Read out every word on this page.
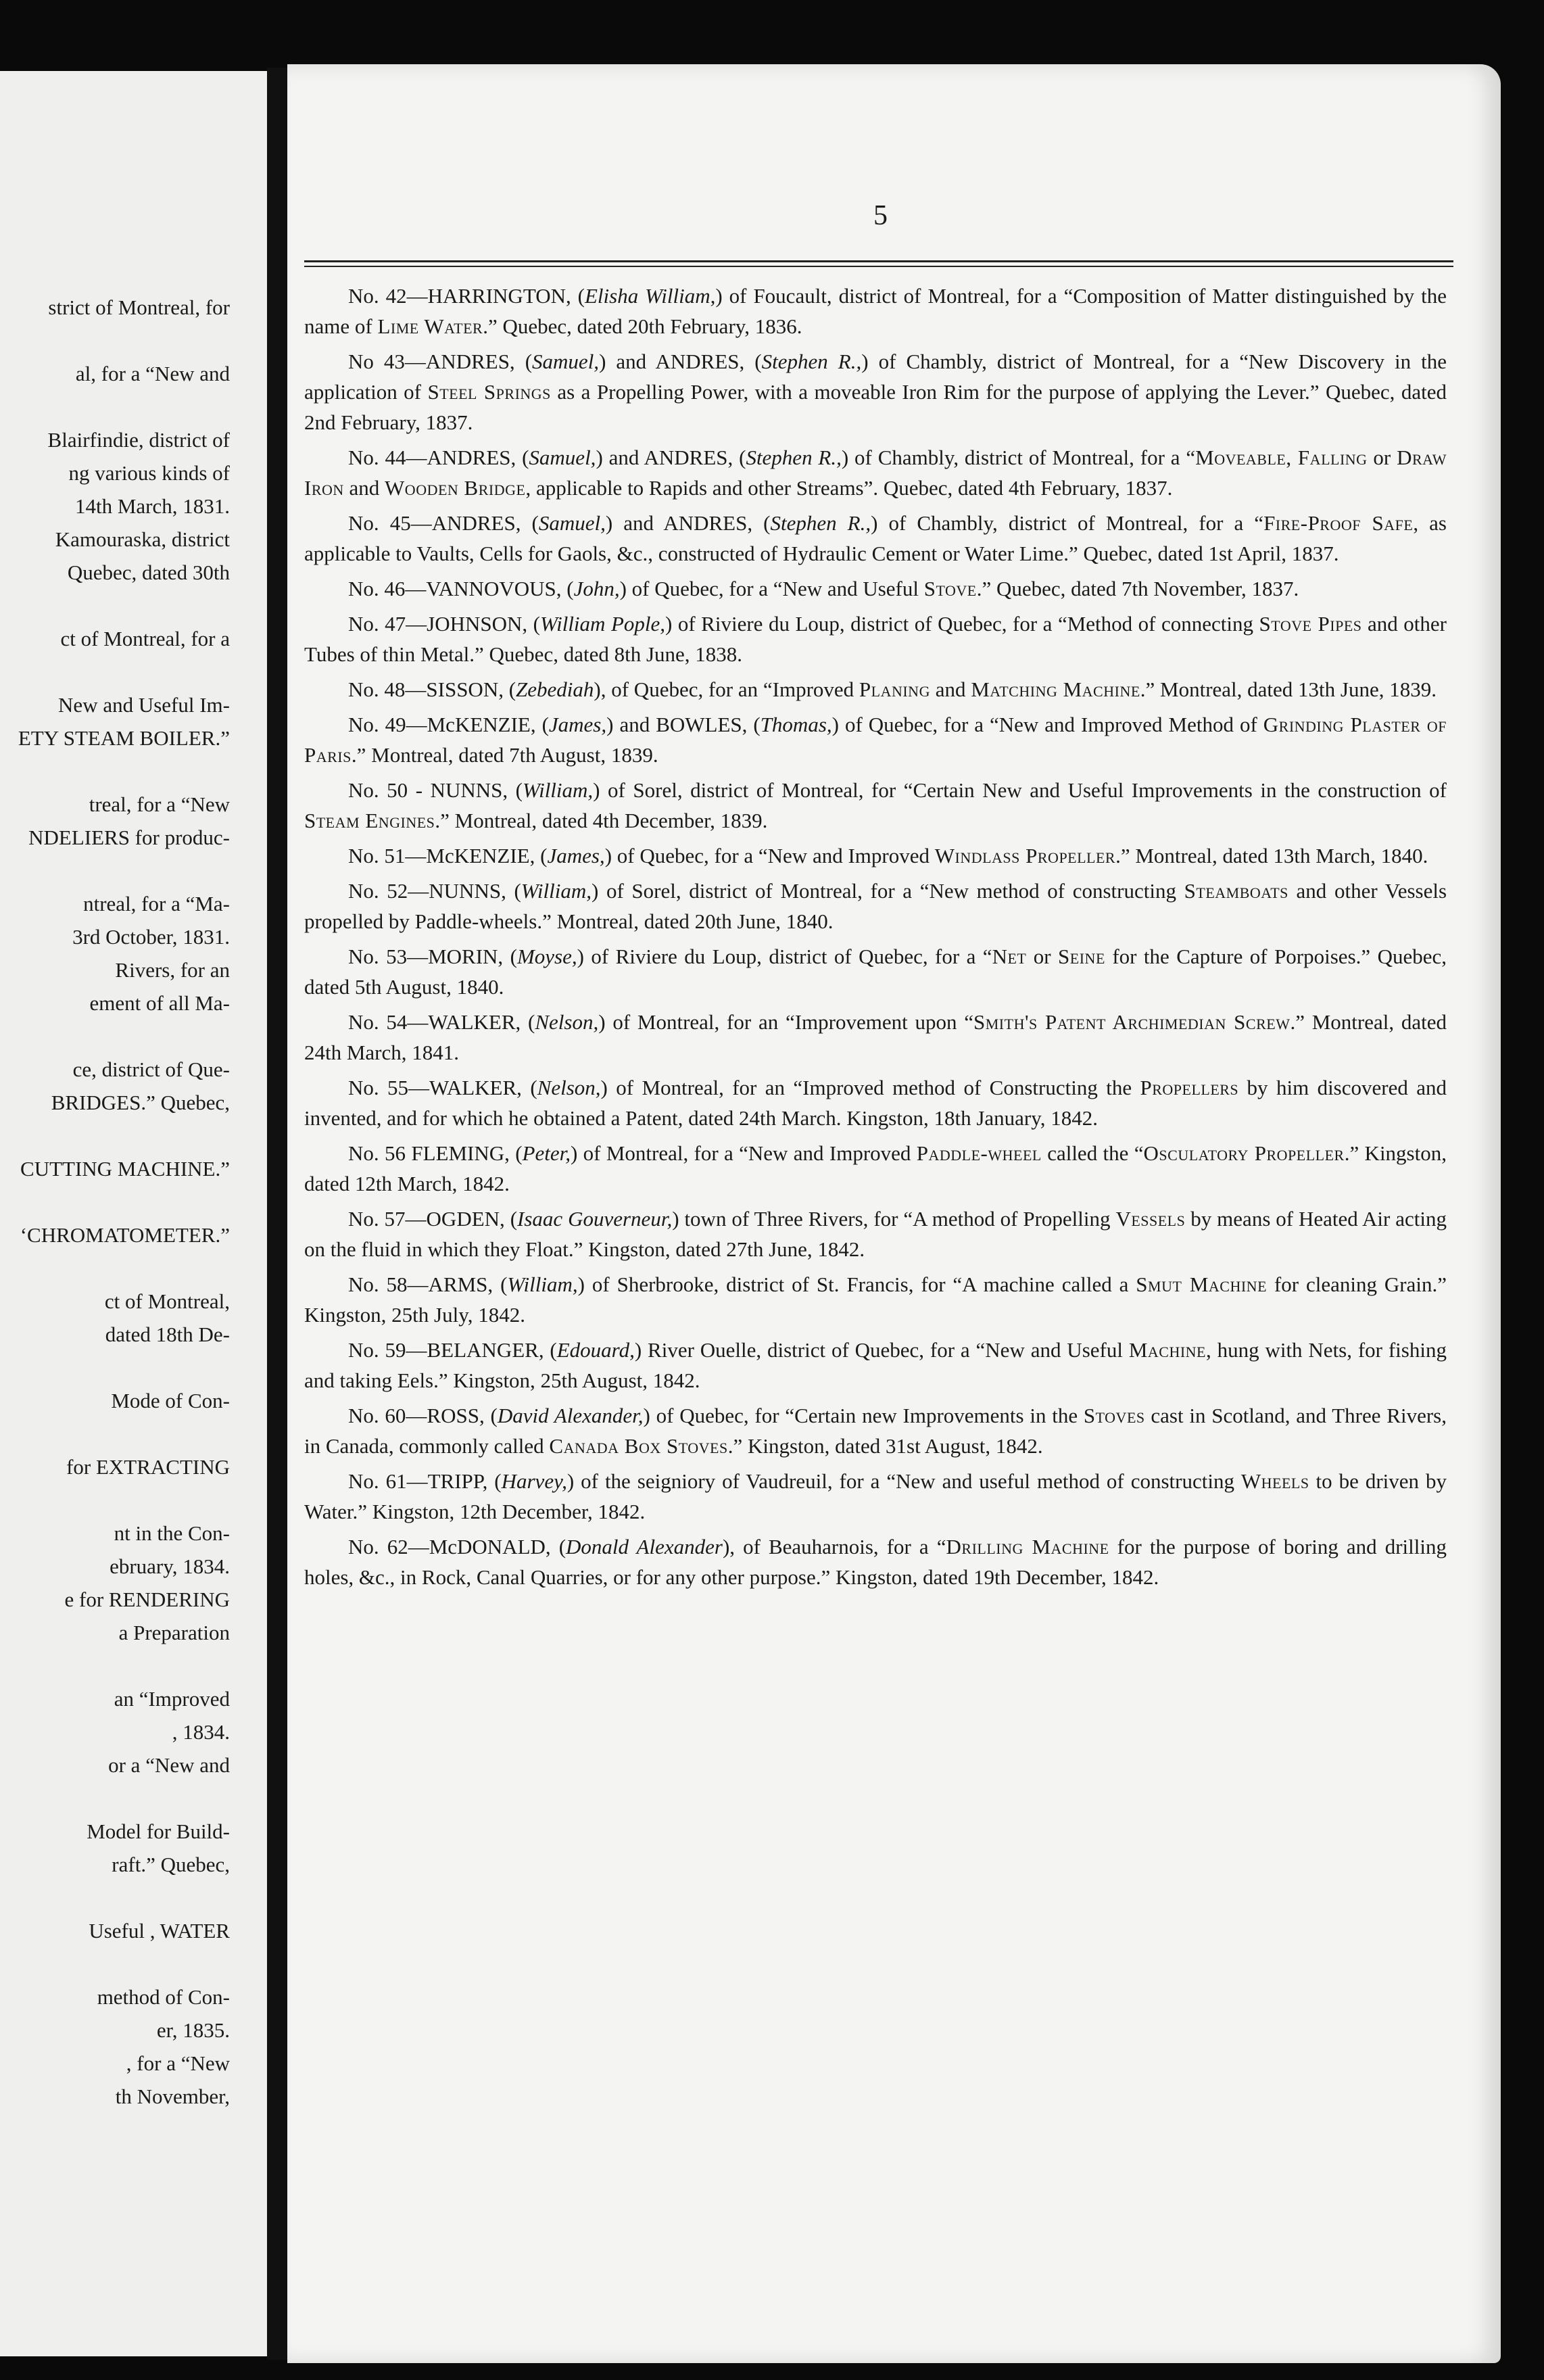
strict of Montreal, for
al, for a “New and
Blairfindie, district of
ng various kinds of
14th March, 1831.
Kamouraska, district
Quebec, dated 30th
ct of Montreal, for a
New and Useful Im-
ETY STEAM BOILER.”
treal, for a “New
NDELIERS for produc-
ntreal, for a “Ma-
3rd October, 1831.
Rivers, for an
ement of all Ma-
ce, district of Que-
BRIDGES.” Quebec,
CUTTING MACHINE.”
‘CHROMATOMETER.”
ct of Montreal,
dated 18th De-
Mode of Con-
for EXTRACTING
nt in the Con-
ebruary, 1834.
e for RENDERING
a Preparation
an “Improved
, 1834.
or a “New and
Model for Build-
raft.” Quebec,
Useful , WATER
method of Con-
er, 1835.
, for a “New
th November,
5

No. 42—HARRINGTON, (Elisha William,) of Foucault, district of Montreal, for a “Composition of Matter distinguished by the name of Lime Water.” Quebec, dated 20th February, 1836.

No 43—ANDRES, (Samuel,) and ANDRES, (Stephen R.,) of Chambly, district of Montreal, for a “New Discovery in the application of Steel Springs as a Propelling Power, with a moveable Iron Rim for the purpose of applying the Lever.” Quebec, dated 2nd February, 1837.

No. 44—ANDRES, (Samuel,) and ANDRES, (Stephen R.,) of Chambly, district of Montreal, for a “Moveable, Falling or Draw Iron and Wooden Bridge, applicable to Rapids and other Streams”. Quebec, dated 4th February, 1837.

No. 45—ANDRES, (Samuel,) and ANDRES, (Stephen R.,) of Chambly, district of Montreal, for a “Fire-Proof Safe, as applicable to Vaults, Cells for Gaols, &c., constructed of Hydraulic Cement or Water Lime.” Quebec, dated 1st April, 1837.

No. 46—VANNOVOUS, (John,) of Quebec, for a “New and Useful Stove.” Quebec, dated 7th November, 1837.

No. 47—JOHNSON, (William Pople,) of Riviere du Loup, district of Quebec, for a “Method of connecting Stove Pipes and other Tubes of thin Metal.” Quebec, dated 8th June, 1838.

No. 48—SISSON, (Zebediah), of Quebec, for an “Improved Planing and Matching Machine.” Montreal, dated 13th June, 1839.

No. 49—McKENZIE, (James,) and BOWLES, (Thomas,) of Quebec, for a “New and Improved Method of Grinding Plaster of Paris.” Montreal, dated 7th August, 1839.

No. 50 - NUNNS, (William,) of Sorel, district of Montreal, for “Certain New and Useful Improvements in the construction of Steam Engines.” Montreal, dated 4th December, 1839.

No. 51—McKENZIE, (James,) of Quebec, for a “New and Improved Windlass Propeller.” Montreal, dated 13th March, 1840.

No. 52—NUNNS, (William,) of Sorel, district of Montreal, for a “New method of constructing Steamboats and other Vessels propelled by Paddle-wheels.” Montreal, dated 20th June, 1840.

No. 53—MORIN, (Moyse,) of Riviere du Loup, district of Quebec, for a “Net or Seine for the Capture of Porpoises.” Quebec, dated 5th August, 1840.

No. 54—WALKER, (Nelson,) of Montreal, for an “Improvement upon “Smith's Patent Archimedian Screw.” Montreal, dated 24th March, 1841.

No. 55—WALKER, (Nelson,) of Montreal, for an “Improved method of Constructing the Propellers by him discovered and invented, and for which he obtained a Patent, dated 24th March. Kingston, 18th January, 1842.

No. 56 FLEMING, (Peter,) of Montreal, for a “New and Improved Paddle-wheel called the “Osculatory Propeller.” Kingston, dated 12th March, 1842.

No. 57—OGDEN, (Isaac Gouverneur,) town of Three Rivers, for “A method of Propelling Vessels by means of Heated Air acting on the fluid in which they Float.” Kingston, dated 27th June, 1842.

No. 58—ARMS, (William,) of Sherbrooke, district of St. Francis, for “A machine called a Smut Machine for cleaning Grain.” Kingston, 25th July, 1842.

No. 59—BELANGER, (Edouard,) River Ouelle, district of Quebec, for a “New and Useful Machine, hung with Nets, for fishing and taking Eels.” Kingston, 25th August, 1842.

No. 60—ROSS, (David Alexander,) of Quebec, for “Certain new Improvements in the Stoves cast in Scotland, and Three Rivers, in Canada, commonly called Canada Box Stoves.” Kingston, dated 31st August, 1842.

No. 61—TRIPP, (Harvey,) of the seigniory of Vaudreuil, for a “New and useful method of constructing Wheels to be driven by Water.” Kingston, 12th December, 1842.

No. 62—McDONALD, (Donald Alexander), of Beauharnois, for a “Drilling Machine for the purpose of boring and drilling holes, &c., in Rock, Canal Quarries, or for any other purpose.” Kingston, dated 19th December, 1842.
